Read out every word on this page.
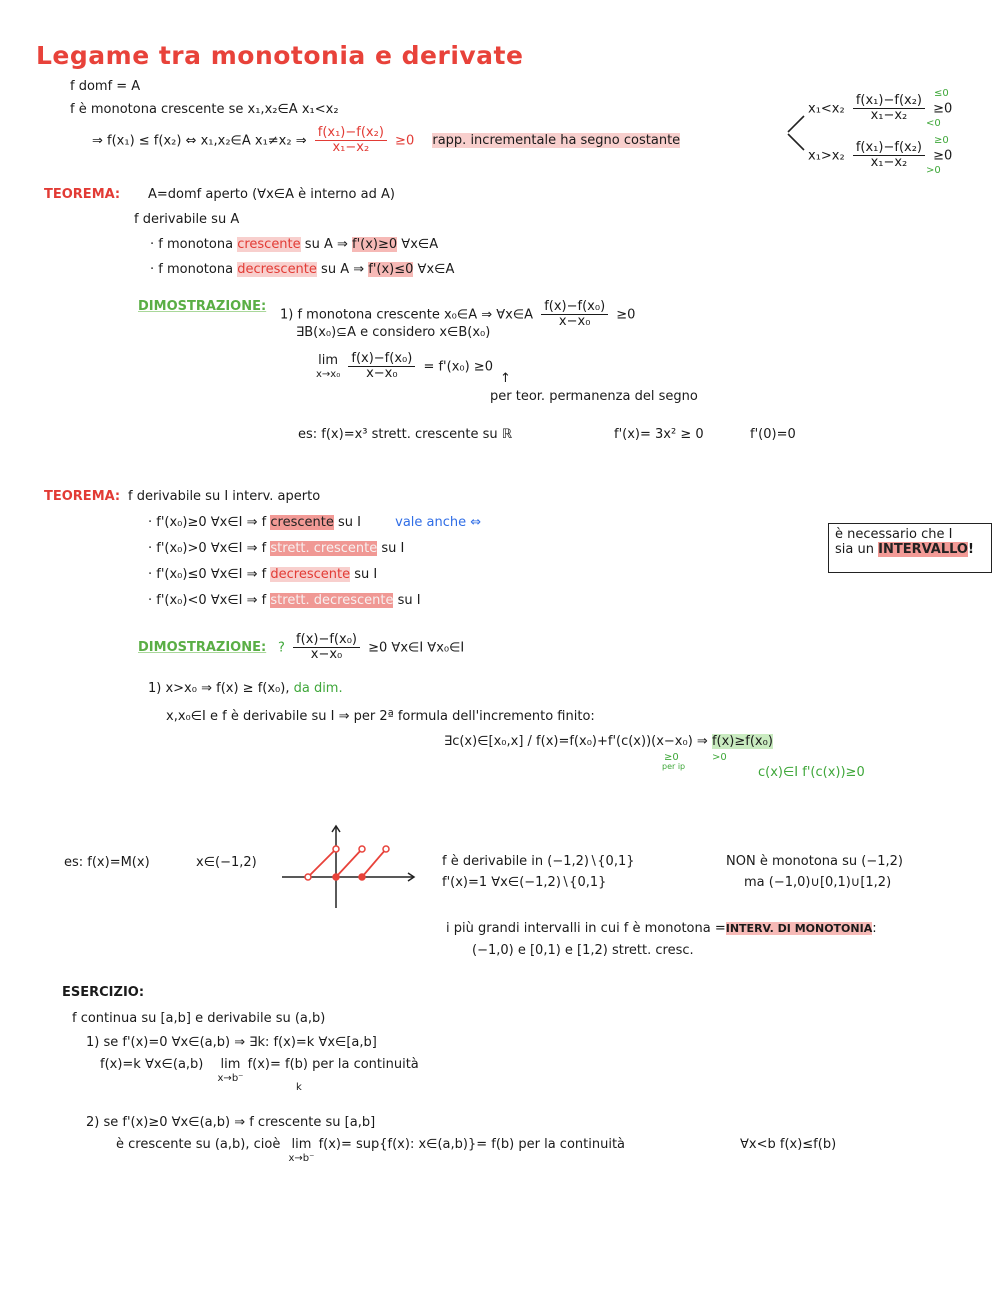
Legame tra monotonia e derivate
f domf = A
f è monotona crescente se x₁,x₂∈A x₁<x₂
⇒ f(x₁) ≤ f(x₂) ⇔ x₁,x₂∈A x₁≠x₂ ⇒ $\frac{\text{f(x₁)−f(x₂)}}{\text{x₁−x₂}} \ge 0$ rapp. incrementale ha segno costante
$x_1<x_2 \frac{\text{f(x₁)−f(x₂)}}{\text{x₁−x₂}} \ge 0$
≤0
<0
$x_1>x_2 \frac{\text{f(x₁)−f(x₂)}}{\text{x₁−x₂}} \ge 0$
≥0
>0
TEOREMA: A=domf aperto (∀x∈A è interno ad A)
f derivabile su A
· f monotona crescente su A ⇒ f'(x)≥0 ∀x∈A
· f monotona decrescente su A ⇒ f'(x)≤0 ∀x∈A
DIMOSTRAZIONE:
1) f monotona crescente x₀∈A ⇒ ∀x∈A $\frac{\text{f(x)−f(x₀)}}{\text{x−x₀}} \ge 0$
∃B(x₀)⊆A e considero x∈B(x₀)
lim
x→x₀
$\frac{\text{f(x)−f(x₀)}}{\text{x−x₀}} = f'(x_0) \ge 0$
↑
per teor. permanenza del segno
es: f(x)=x³ strett. crescente su ℝ	f'(x)= 3x² ≥ 0	f'(0)=0
TEOREMA: f derivabile su I interv. aperto
· f'(x₀)≥0 ∀x∈I ⇒ f crescente su I	vale anche ⇔
· f'(x₀)>0 ∀x∈I ⇒ f strett. crescente su I
· f'(x₀)≤0 ∀x∈I ⇒ f decrescente su I
· f'(x₀)<0 ∀x∈I ⇒ f strett. decrescente su I
è necessario che I
sia un INTERVALLO!
DIMOSTRAZIONE: ? $\frac{\text{f(x)−f(x₀)}}{\text{x−x₀}} \ge 0$ ∀x∈I ∀x₀∈I
1) x>x₀ ⇒ f(x) ≥ f(x₀), da dim.
x,x₀∈I e f è derivabile su I ⇒ per 2ª formula dell'incremento finito:
∃c(x)∈[x₀,x] / f(x)=f(x₀)+f'(c(x))(x−x₀) ⇒ f(x)≥f(x₀)
≥0
per ip
>0
c(x)∈I f'(c(x))≥0
es: f(x)=M(x)	x∈(−1,2)	f è derivabile in (−1,2)∖{0,1}
f'(x)=1 ∀x∈(−1,2)∖{0,1}
NON è monotona su (−1,2)
ma (−1,0)∪[0,1)∪[1,2)
i più grandi intervalli in cui f è monotona =INTERV. DI MONOTONIA:
(−1,0) e [0,1) e [1,2) strett. cresc.
ESERCIZIO:
f continua su [a,b] e derivabile su (a,b)
1) se f'(x)=0 ∀x∈(a,b) ⇒ ∃k: f(x)=k ∀x∈[a,b]
f(x)=k ∀x∈(a,b) lim
x→b⁻
f(x)= f(b) per la continuità
k
2) se f'(x)≥0 ∀x∈(a,b) ⇒ f crescente su [a,b]
è crescente su (a,b), cioè lim
x→b⁻
f(x)= sup{f(x): x∈(a,b)}= f(b) per la continuità	∀x<b f(x)≤f(b)
